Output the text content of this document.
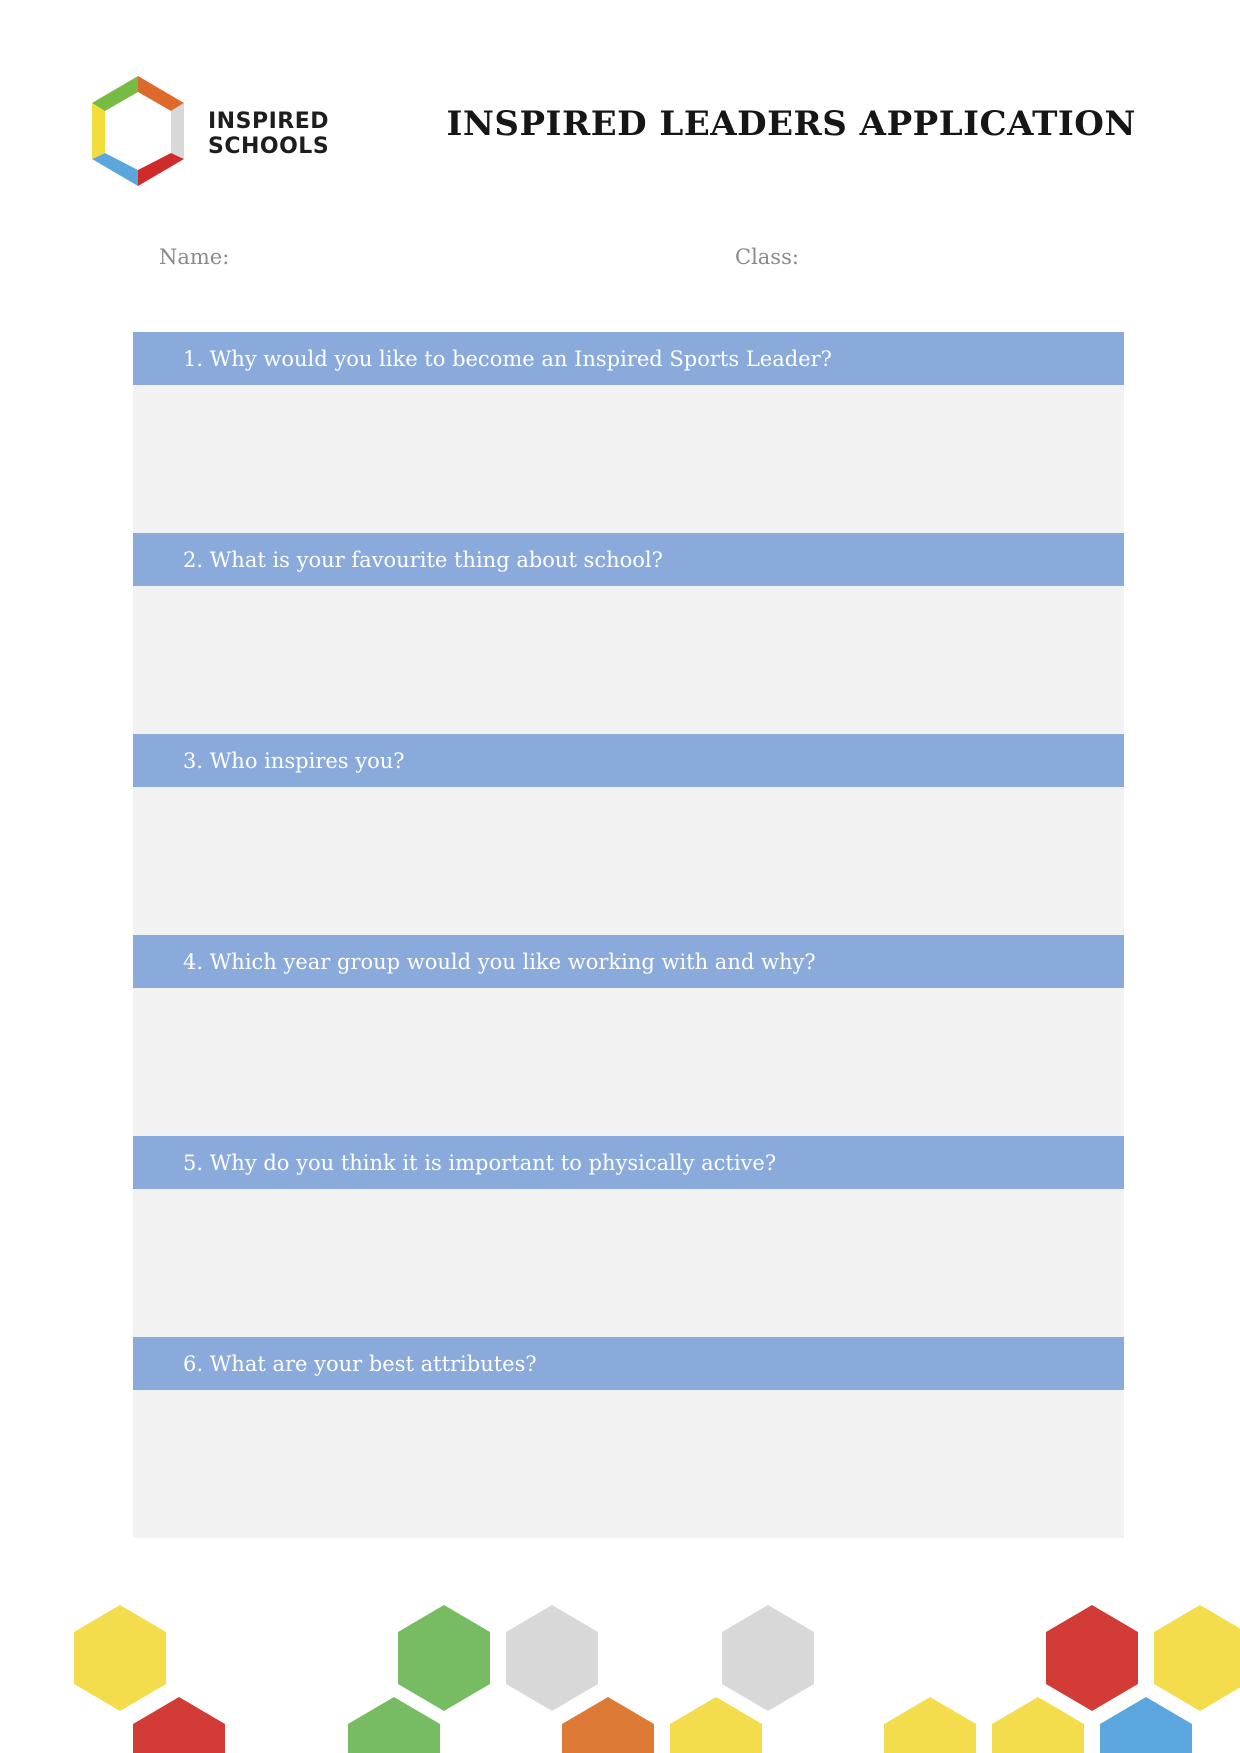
INSPIRED
SCHOOLS
INSPIRED LEADERS APPLICATION
Name:	Class:
1. Why would you like to become an Inspired Sports Leader?
2. What is your favourite thing about school?
3. Who inspires you?
4. Which year group would you like working with and why?
5. Why do you think it is important to physically active?
6. What are your best attributes?
